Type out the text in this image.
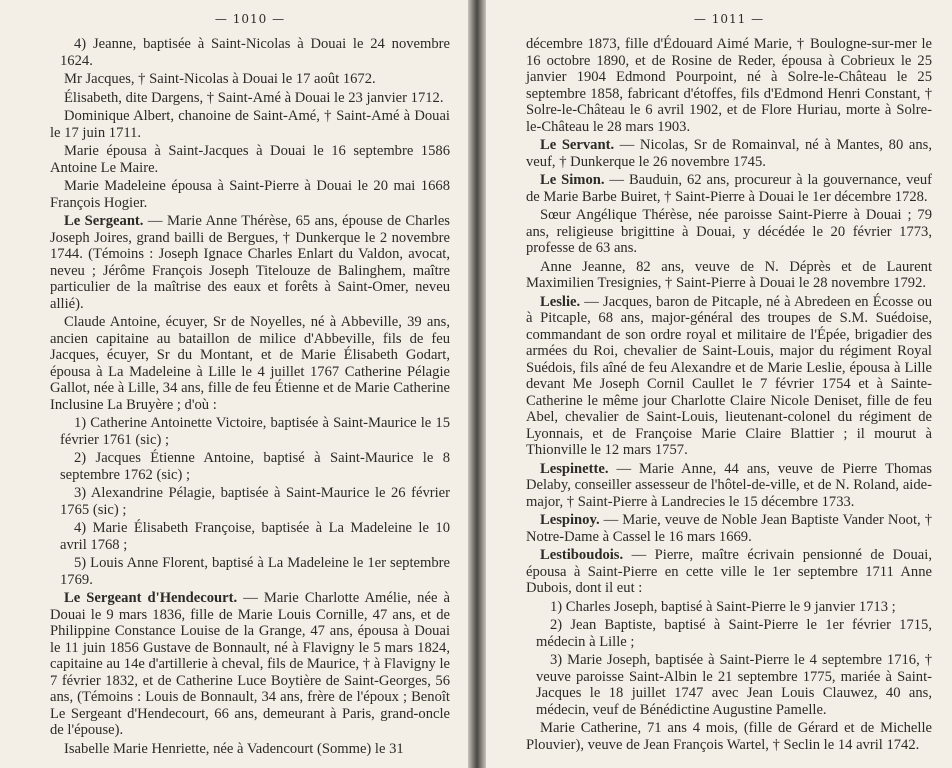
— 1010 —

4) Jeanne, baptisée à Saint-Nicolas à Douai le 24 novembre 1624.

Mr Jacques, † Saint-Nicolas à Douai le 17 août 1672.

Élisabeth, dite Dargens, † Saint-Amé à Douai le 23 janvier 1712.

Dominique Albert, chanoine de Saint-Amé, † Saint-Amé à Douai le 17 juin 1711.

Marie épousa à Saint-Jacques à Douai le 16 septembre 1586 Antoine Le Maire.

Marie Madeleine épousa à Saint-Pierre à Douai le 20 mai 1668 François Hogier.

Le Sergeant. — Marie Anne Thérèse, 65 ans, épouse de Charles Joseph Joires, grand bailli de Bergues, † Dunkerque le 2 novembre 1744. (Témoins : Joseph Ignace Charles Enlart du Valdon, avocat, neveu ; Jérôme François Joseph Titelouze de Balinghem, maître particulier de la maîtrise des eaux et forêts à Saint-Omer, neveu allié).

Claude Antoine, écuyer, Sr de Noyelles, né à Abbeville, 39 ans, ancien capitaine au bataillon de milice d'Abbeville, fils de feu Jacques, écuyer, Sr du Montant, et de Marie Élisabeth Godart, épousa à La Madeleine à Lille le 4 juillet 1767 Catherine Pélagie Gallot, née à Lille, 34 ans, fille de feu Étienne et de Marie Catherine Inclusine La Bruyère ; d'où :

1) Catherine Antoinette Victoire, baptisée à Saint-Maurice le 15 février 1761 (sic) ;

2) Jacques Étienne Antoine, baptisé à Saint-Maurice le 8 septembre 1762 (sic) ;

3) Alexandrine Pélagie, baptisée à Saint-Maurice le 26 février 1765 (sic) ;

4) Marie Élisabeth Françoise, baptisée à La Madeleine le 10 avril 1768 ;

5) Louis Anne Florent, baptisé à La Madeleine le 1er septembre 1769.

Le Sergeant d'Hendecourt. — Marie Charlotte Amélie, née à Douai le 9 mars 1836, fille de Marie Louis Cornille, 47 ans, et de Philippine Constance Louise de la Grange, 47 ans, épousa à Douai le 11 juin 1856 Gustave de Bonnault, né à Flavigny le 5 mars 1824, capitaine au 14e d'artillerie à cheval, fils de Maurice, † à Flavigny le 7 février 1832, et de Catherine Luce Boytière de Saint-Georges, 56 ans, (Témoins : Louis de Bonnault, 34 ans, frère de l'époux ; Benoît Le Sergeant d'Hendecourt, 66 ans, demeurant à Paris, grand-oncle de l'épouse).

Isabelle Marie Henriette, née à Vadencourt (Somme) le 31

— 1011 —

décembre 1873, fille d'Édouard Aimé Marie, † Boulogne-sur-mer le 16 octobre 1890, et de Rosine de Reder, épousa à Cobrieux le 25 janvier 1904 Edmond Pourpoint, né à Solre-le-Château le 25 septembre 1858, fabricant d'étoffes, fils d'Edmond Henri Constant, † Solre-le-Château le 6 avril 1902, et de Flore Huriau, morte à Solre-le-Château le 28 mars 1903.

Le Servant. — Nicolas, Sr de Romainval, né à Mantes, 80 ans, veuf, † Dunkerque le 26 novembre 1745.

Le Simon. — Bauduin, 62 ans, procureur à la gouvernance, veuf de Marie Barbe Buiret, † Saint-Pierre à Douai le 1er décembre 1728.

Sœur Angélique Thérèse, née paroisse Saint-Pierre à Douai ; 79 ans, religieuse brigittine à Douai, y décédée le 20 février 1773, professe de 63 ans.

Anne Jeanne, 82 ans, veuve de N. Déprès et de Laurent Maximilien Tresignies, † Saint-Pierre à Douai le 28 novembre 1792.

Leslie. — Jacques, baron de Pitcaple, né à Abredeen en Écosse ou à Pitcaple, 68 ans, major-général des troupes de S.M. Suédoise, commandant de son ordre royal et militaire de l'Épée, brigadier des armées du Roi, chevalier de Saint-Louis, major du régiment Royal Suédois, fils aîné de feu Alexandre et de Marie Leslie, épousa à Lille devant Me Joseph Cornil Caullet le 7 février 1754 et à Sainte-Catherine le même jour Charlotte Claire Nicole Deniset, fille de feu Abel, chevalier de Saint-Louis, lieutenant-colonel du régiment de Lyonnais, et de Françoise Marie Claire Blattier ; il mourut à Thionville le 12 mars 1757.

Lespinette. — Marie Anne, 44 ans, veuve de Pierre Thomas Delaby, conseiller assesseur de l'hôtel-de-ville, et de N. Roland, aide-major, † Saint-Pierre à Landrecies le 15 décembre 1733.

Lespinoy. — Marie, veuve de Noble Jean Baptiste Vander Noot, † Notre-Dame à Cassel le 16 mars 1669.

Lestiboudois. — Pierre, maître écrivain pensionné de Douai, épousa à Saint-Pierre en cette ville le 1er septembre 1711 Anne Dubois, dont il eut :

1) Charles Joseph, baptisé à Saint-Pierre le 9 janvier 1713 ;

2) Jean Baptiste, baptisé à Saint-Pierre le 1er février 1715, médecin à Lille ;

3) Marie Joseph, baptisée à Saint-Pierre le 4 septembre 1716, † veuve paroisse Saint-Albin le 21 septembre 1775, mariée à Saint-Jacques le 18 juillet 1747 avec Jean Louis Clauwez, 40 ans, médecin, veuf de Bénédictine Augustine Pamelle.

Marie Catherine, 71 ans 4 mois, (fille de Gérard et de Michelle Plouvier), veuve de Jean François Wartel, † Seclin le 14 avril 1742.
